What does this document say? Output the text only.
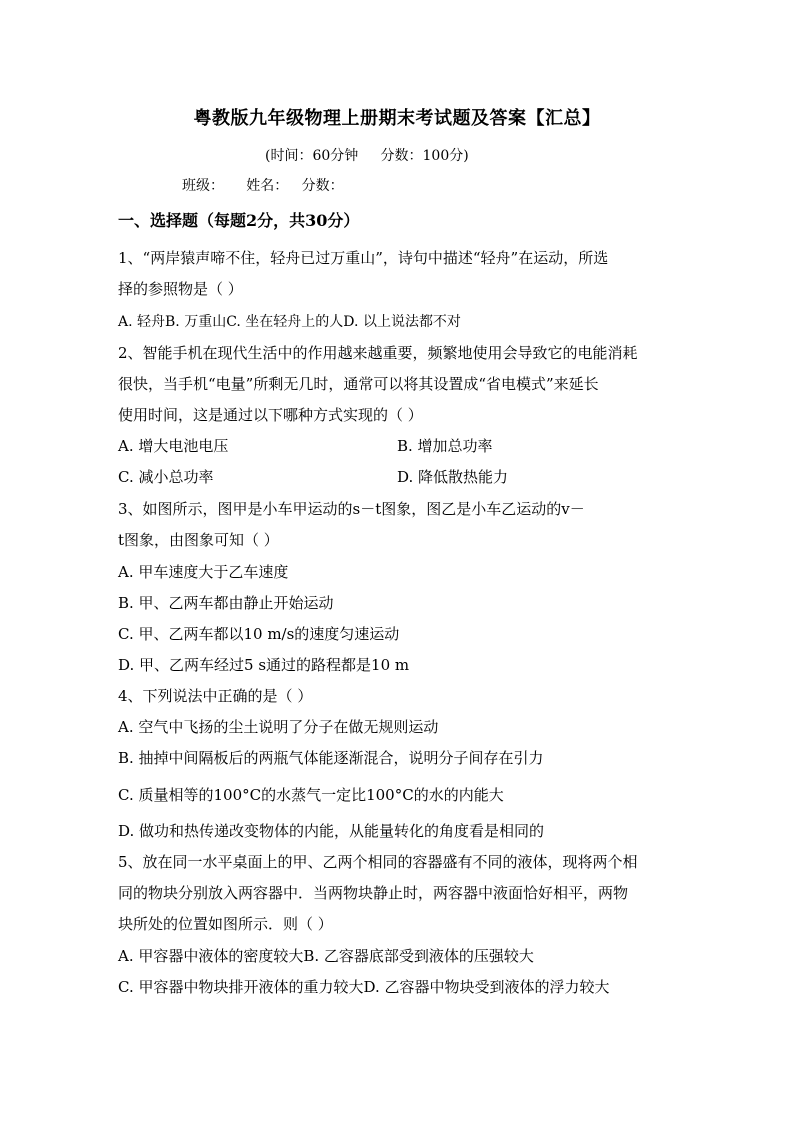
粤教版九年级物理上册期末考试题及答案【汇总】
(时间：60分钟     分数：100分)
班级：     姓名：   分数：
一、选择题（每题2分，共30分）
1、“两岸猿声啼不住，轻舟已过万重山”，诗句中描述“轻舟”在运动，所选
择的参照物是（ ）
A. 轻舟B. 万重山C. 坐在轻舟上的人D. 以上说法都不对
2、智能手机在现代生活中的作用越来越重要，频繁地使用会导致它的电能消耗
很快，当手机“电量”所剩无几时，通常可以将其设置成“省电模式”来延长
使用时间，这是通过以下哪种方式实现的（ ）
A. 增大电池电压	B. 增加总功率
C. 减小总功率	D. 降低散热能力
3、如图所示，图甲是小车甲运动的s－t图象，图乙是小车乙运动的v－
t图象，由图象可知（ ）
A. 甲车速度大于乙车速度
B. 甲、乙两车都由静止开始运动
C. 甲、乙两车都以10 m/s的速度匀速运动
D. 甲、乙两车经过5 s通过的路程都是10 m
4、下列说法中正确的是（ ）
A. 空气中飞扬的尘土说明了分子在做无规则运动
B. 抽掉中间隔板后的两瓶气体能逐渐混合，说明分子间存在引力
C. 质量相等的100°C的水蒸气一定比100°C的水的内能大
D. 做功和热传递改变物体的内能，从能量转化的角度看是相同的
5、放在同一水平桌面上的甲、乙两个相同的容器盛有不同的液体，现将两个相
同的物块分别放入两容器中．当两物块静止时，两容器中液面恰好相平，两物
块所处的位置如图所示．则（ ）
A. 甲容器中液体的密度较大B. 乙容器底部受到液体的压强较大
C. 甲容器中物块排开液体的重力较大D. 乙容器中物块受到液体的浮力较大
